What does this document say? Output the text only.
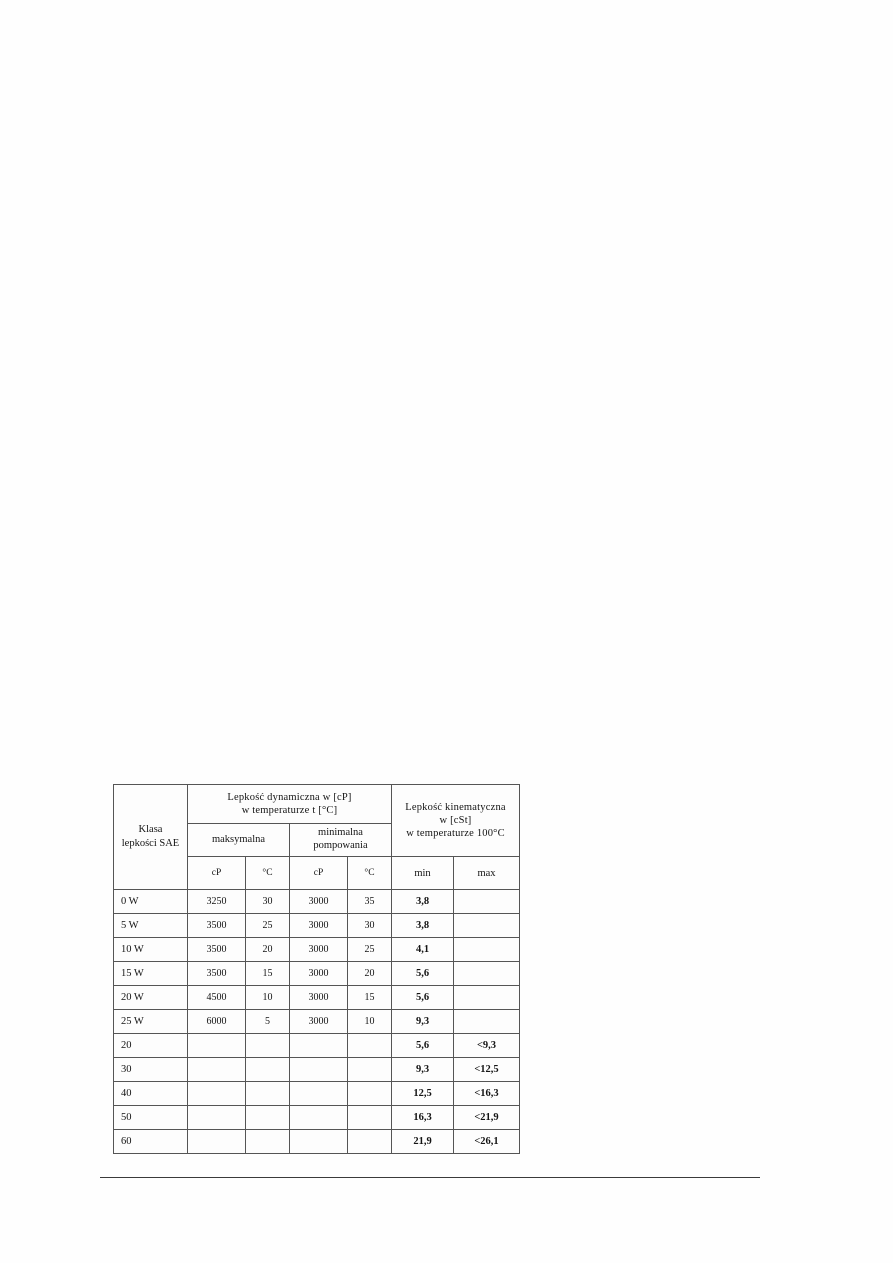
Klasa
lepkości SAE

Lepkość dynamiczna w [cP]
w temperaturze t [°C]	Lepkość kinematyczna
w [cSt]
w temperaturze 100°C

	maksymalna		minimalna
pompowania			

	cP	°C	cP	°C	min	max
0 W	3250	30	3000	35	3,8	
5 W	3500	25	3000	30	3,8	
10 W	3500	20	3000	25	4,1	
15 W	3500	15	3000	20	5,6	
20 W	4500	10	3000	15	5,6	
25 W	6000	5	3000	10	9,3	
20					5,6	<9,3
30					9,3	<12,5
40					12,5	<16,3
50					16,3	<21,9
60					21,9	<26,1
